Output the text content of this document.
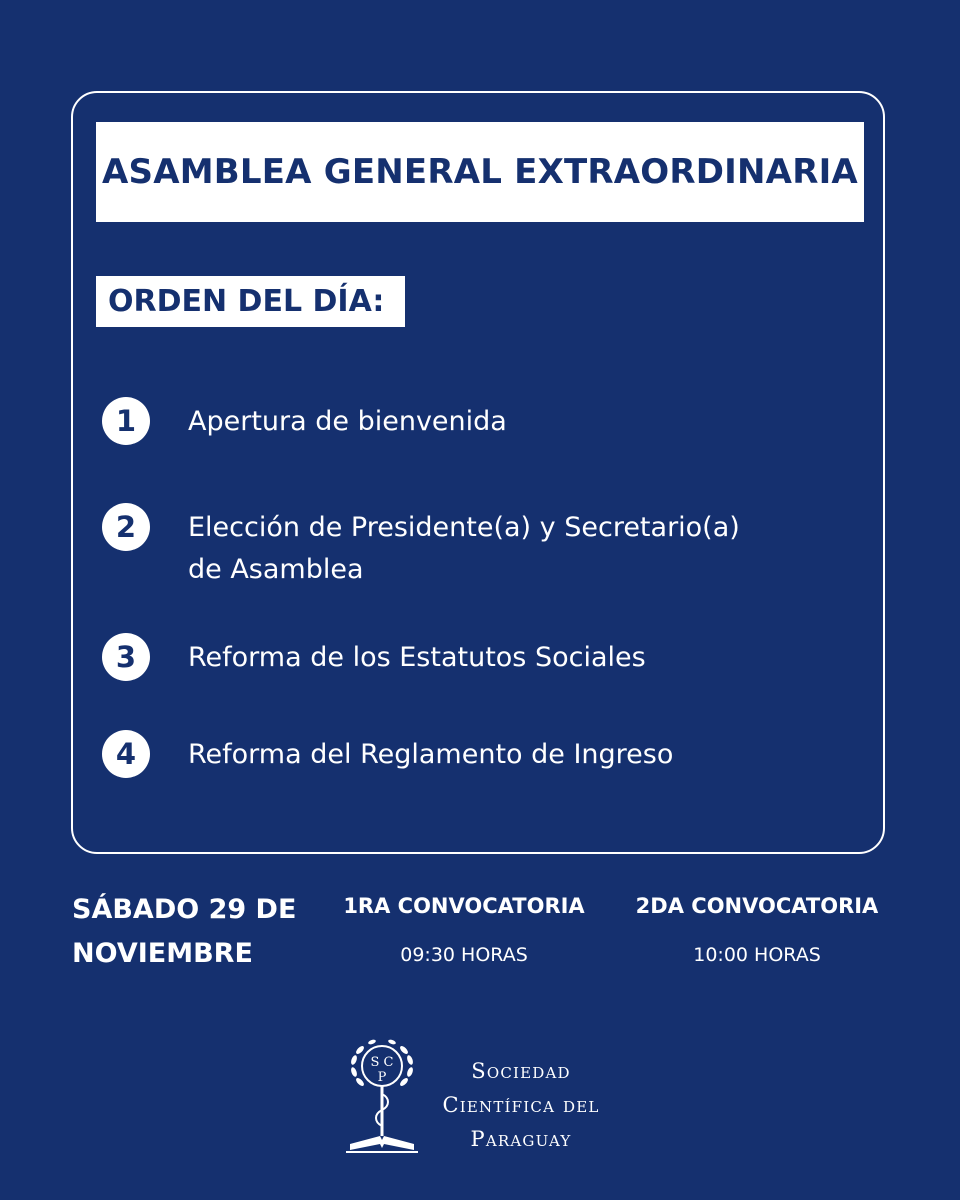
ASAMBLEA GENERAL EXTRAORDINARIA
ORDEN DEL DÍA:
1	Apertura de bienvenida
2	Elección de Presidente(a) y Secretario(a) de Asamblea
3	Reforma de los Estatutos Sociales
4	Reforma del Reglamento de Ingreso
SÁBADO 29 DE NOVIEMBRE
1RA CONVOCATORIA
09:30 HORAS
2DA CONVOCATORIA
10:00 HORAS
S C
P	Sociedad Científica del Paraguay
